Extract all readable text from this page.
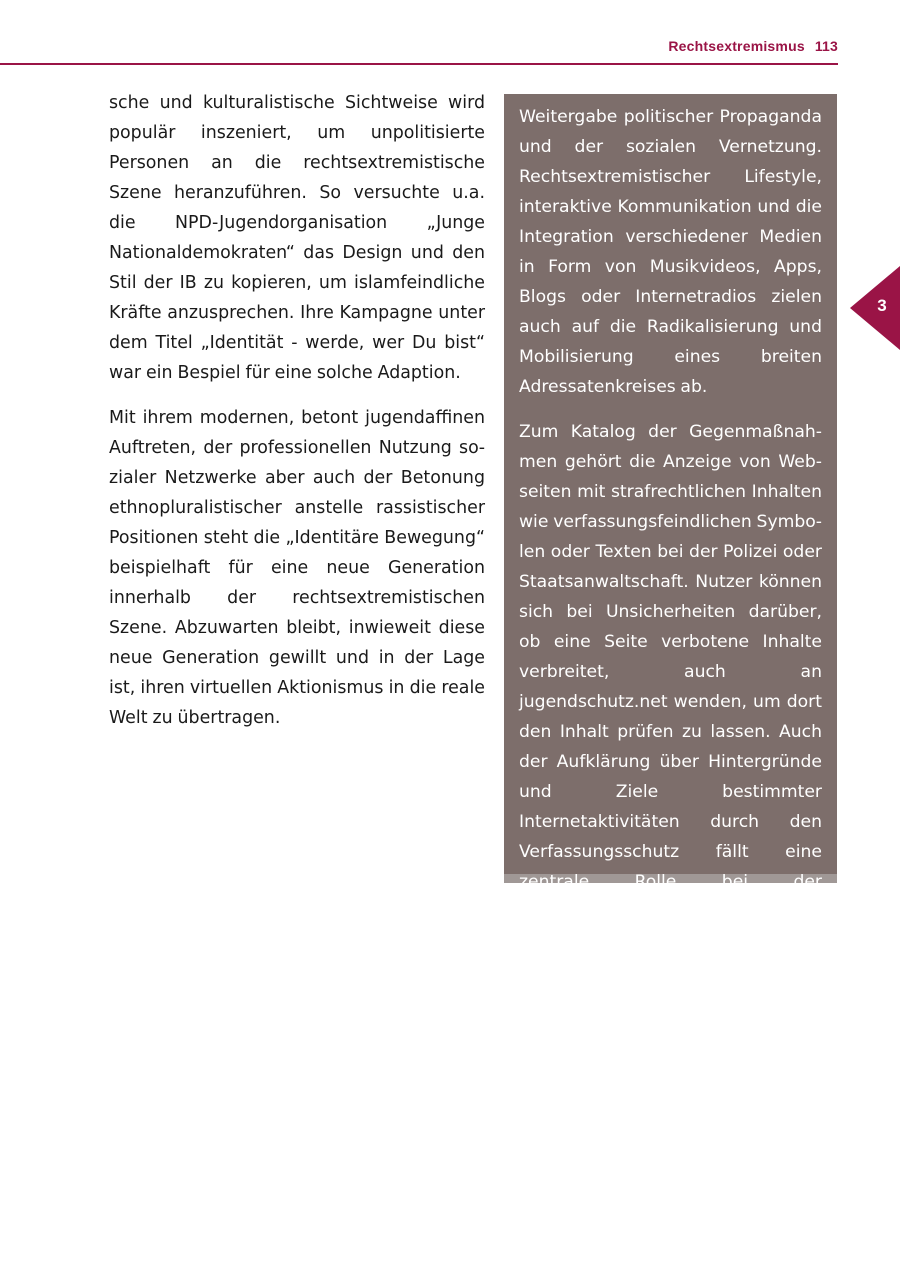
Rechtsextremismus 113
3

sche und kulturalistische Sichtweise wird populär inszeniert, um unpolitisierte Personen an die rechtsextremistische Szene heranzuführen. So versuchte u.a. die NPD-Jugendorganisation „Junge Nationaldemokraten“ das Design und den Stil der IB zu kopieren, um islamfeindliche Kräfte anzusprechen. Ihre Kampagne unter dem Titel „Identität - werde, wer Du bist“ war ein Bespiel für eine solche Adaption.

Mit ihrem modernen, betont jugendaffinen Auftreten, der professionellen Nutzung sozialer Netzwerke aber auch der Betonung ethnopluralistischer anstelle rassistischer Positionen steht die „Identitäre Bewegung“ beispielhaft für eine neue Generation innerhalb der rechtsextremistischen Szene. Abzuwarten bleibt, inwieweit diese neue Generation gewillt und in der Lage ist, ihren virtuellen Aktionismus in die reale Welt zu übertragen.

Weitergabe politischer Propaganda und der sozialen Vernetzung. Rechtsextremistischer Lifestyle, interaktive Kommunikation und die Integration verschiedener Medien in Form von Musikvideos, Apps, Blogs oder Internetradios zielen auch auf die Radikalisierung und Mobilisierung eines breiten Adressatenkreises ab.

Zum Katalog der Gegenmaßnahmen gehört die Anzeige von Webseiten mit strafrechtlichen Inhalten wie verfassungsfeindlichen Symbolen oder Texten bei der Polizei oder Staatsanwaltschaft. Nutzer können sich bei Unsicherheiten darüber, ob eine Seite verbotene Inhalte verbreitet, auch an jugendschutz.net wenden, um dort den Inhalt prüfen zu lassen. Auch der Aufklärung über Hintergründe und Ziele bestimmter Internetaktivitäten durch den Verfassungsschutz fällt eine zentrale Rolle bei der Auseinandersetzung mit dem Rechtsextremismus zu.
